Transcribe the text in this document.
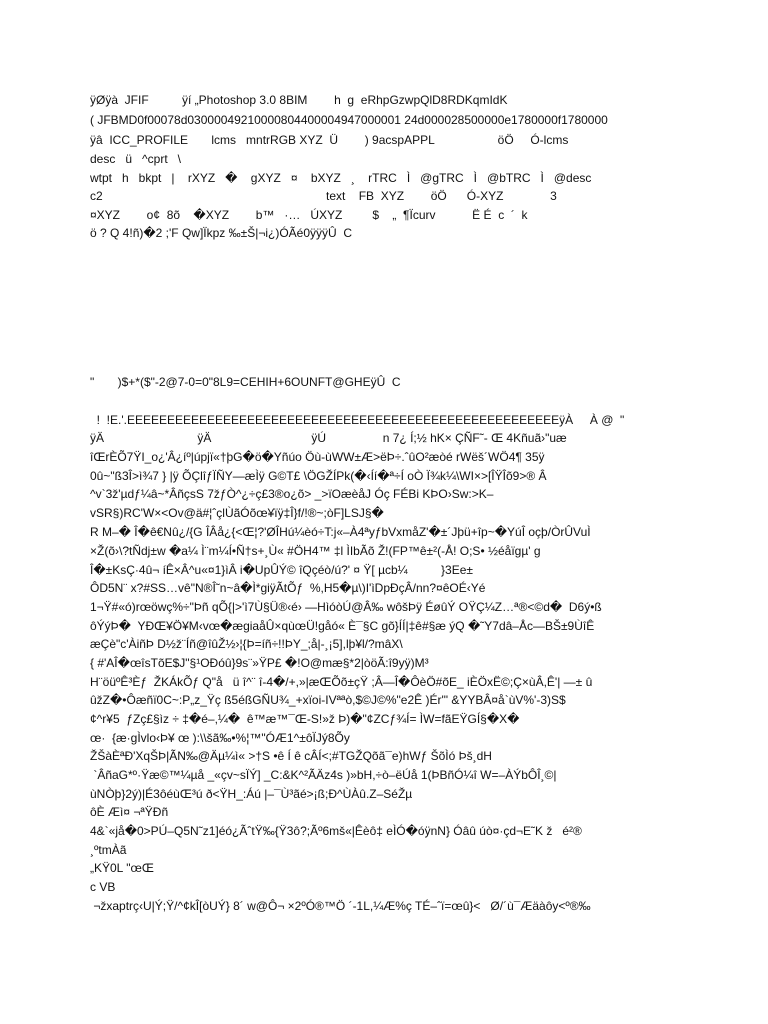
ÿØÿà  JFIF          ÿí „Photoshop 3.0 8BIM        h  g  eRhpGzwpQlD8RDKqmIdK
( JFBMD0f00078d03000049210000804400004947000001 24d000028500000e1780000f1780000
ÿâ  ICC_PROFILE       lcms   mntrRGB XYZ  Ü        ) 9acspAPPL                   öÖ     Ó-lcms
desc   ü   ^cprt   \
wtpt   h   bkpt   |    rXYZ   �    gXYZ   ¤    bXYZ   ¸    rTRC   Ì   @gTRC   Ì   @bTRC   Ì   @desc
c2                                                                   text    FB  XYZ        öÖ      Ó-XYZ              3
¤XYZ        o¢  8õ    �XYZ        b™   ·…   ÚXYZ         $    „  ¶Ïcurv           Ë É  c  ´  k
ö ? Q 4!ñ)�2 ;'F Qw]Ïkpz ‰±Š|¬i¿)ÓÃé0ÿÿÿÛ  C
"       )$+*($"-2@7-0=0"8L9=CEHIH+6OUNFT@GHEÿÛ  C
!  !E.'.EEEEEEEEEEEEEEEEEEEEEEEEEEEEEEEEEEEEEEEEEEEEEEEEEEEEEEÿÀ     À @  "
ÿÄ                            ÿÄ                              ÿÚ                 n 7¿ Í;½ hK× ÇÑF˜- Œ 4Kñuã›"uæ
îŒrÈÕ7ŸI_o¿'Â¿íº|úpjï«†þG�ö�Yñúo Öù-ùWW±Æ>ëÞ÷.ˆûO²æòé rWëš´WÖ4¶ 35ÿ
0û~"ß3Î>ì¾7 } |ÿ ÕÇlîƒÏÑY—æÌÿ G©T£ \ÖGŽÍPk(�‹Íí�ª÷Í oÒ Ï¾k¼\WI×>[ÎŸÎõ9>® Â
^v`3ž'µdƒ¼â~*ÂñçsS 7žƒÒ^¿÷ç£3®o¿õ> _>ïOæèåJ Óç FÉBi KÞO›Sw:>K–
vSR§)RC'W×<Ov@ä#¦ˆçlÙãÓõœ¥ïÿ‡Î}f/!®~;òF]LSJ§�
R M–� Î�ê€Nû¿/{G ÎÂå¿{<Œ¦?'ØÎHú¼èó÷T:j«–À4ªyƒbVxmåZ'�±´Jþü+îp~�YúÎ oçþ/ÒrÛVuÌ
×Ž(õ›\?tÑdj±w �a¼ Ì¨m¼Í•Ñ†s+¸Ù« #ÖH4™ ‡l ÌIbÃõ Ž!(FP™ê±²(-Å! O;S• ½éåïgµ' g
Î�±KsÇ·4û¬ íÊ×Â^u«¤1}ìÂ i�UpÛÝ© îQçéò/ú?' ¤ Ÿ[ µcb¼          }3Ee±
ÔD5N¨ x?#SS…vê"N®Î˜n~â�Ì*giÿÃtÕƒ  %,H5�µ\)I'ìDpÐçÂ/nn?¤êOÉ‹Yé
1¬Ÿ#«ó)rœöwç%÷"Þñ qÕ{|>'ì7Ù§Ü®‹é› —HìóòÚ@Â‰ wôšÞÿ ÉøûÝ OŸÇ¼Z…ª®<©d�  D6ý•ß
ôÝýÞ�  YÐŒ¥Ö¥M‹vœ�ægiaåÛ×qùœÜ!gåó« È¯§C gõ}ÍÍ|‡ê#§æ ýQ �˜Y7dâ–Åc—BŠ±9ÙîÊ
æÇè"c'ÀiñÞ D½ž¨Íñ@îûŽ½›¦{Þ=íñ÷!!ÞY_;å|-¸¡5],lþ¥l/?mâX\
{ #'AÎ�œîsTõE$J"§¹OÐóû}9s¨»ŸP£ �!O@mæ§*2|òöÃ:î9yÿ)M³
H¨öüºÊ³Èƒ  ŽKÁkÕƒ Q"å   ü î^¨ î-4�/+,»|æŒÕõ±çŸ ;Â—Î�ÔèÖ#õE_ iÈÖxË©;Ç×ùÂ,Ê'| —± û
ûžZ�•Ôæñï0C~:P„z_Ÿç ß5éßGÑU¾_+xïoi-IVªªò,$©J©%"e2Ê )Ér'" &YYBÂ¤å`ùV%'-3)S$
¢^r¥5  ƒZç£§ìz ÷ ‡�é–,¼�  ê™æ™¯Œ-S!»ž Þ)�"¢ZCƒ¾Í= ÌW=fãEŸGÍ§�X�
œ·  {æ·gÌvlo‹Þ¥ œ ):\\šã‰•%¦™"ÓÆ1^±ôÏJý8Õy
ŽŠàÈªÐ'XqŠÞ|ÃN‰@Äµ¼ì« >†S •ê Í ê cÂÍ<;#TGŽQõã¯e)hWƒ ŠõÌó Þš¸dH
`ÂñaG*º·Ÿæ©™¼µå _«çv~sÏÝ] _C:&K^²ÃÄz4s )»bH,÷ò–ëÚå 1(ÞBñÓ¼î W=–ÀÝbÔÎ¸©|
ùNÒþ}2ý)|É3ôéùŒ³ú ð<ŸH_:Áú |–¯Ù³ãé>¡ß;Ð^ÙÀû.Z–SéŽµ
ôÈ Æì¤ ¬ªŸÐñ
4&`«jå�0>PÚ–Q5N˜z1]éó¿ÃˆtŸ‰{Ÿ3ô?;Ãº6mš«|Êèô‡ eÌÓ�óÿnN} Óâû úò¤·çd¬E˜K ž   é²®
¸ºtmÀã
„KŸ0L "œŒ
c VB
¬žxaptrç‹U|Ý;Ÿ/^¢kÎ[òUÝ} 8´ w@Ô¬ ×2ºÓ®™Ö ´-1L,¼Æ%ç TÉ–ˆï=œû}<   Ø/´ù¯Æäàôy<º®‰
